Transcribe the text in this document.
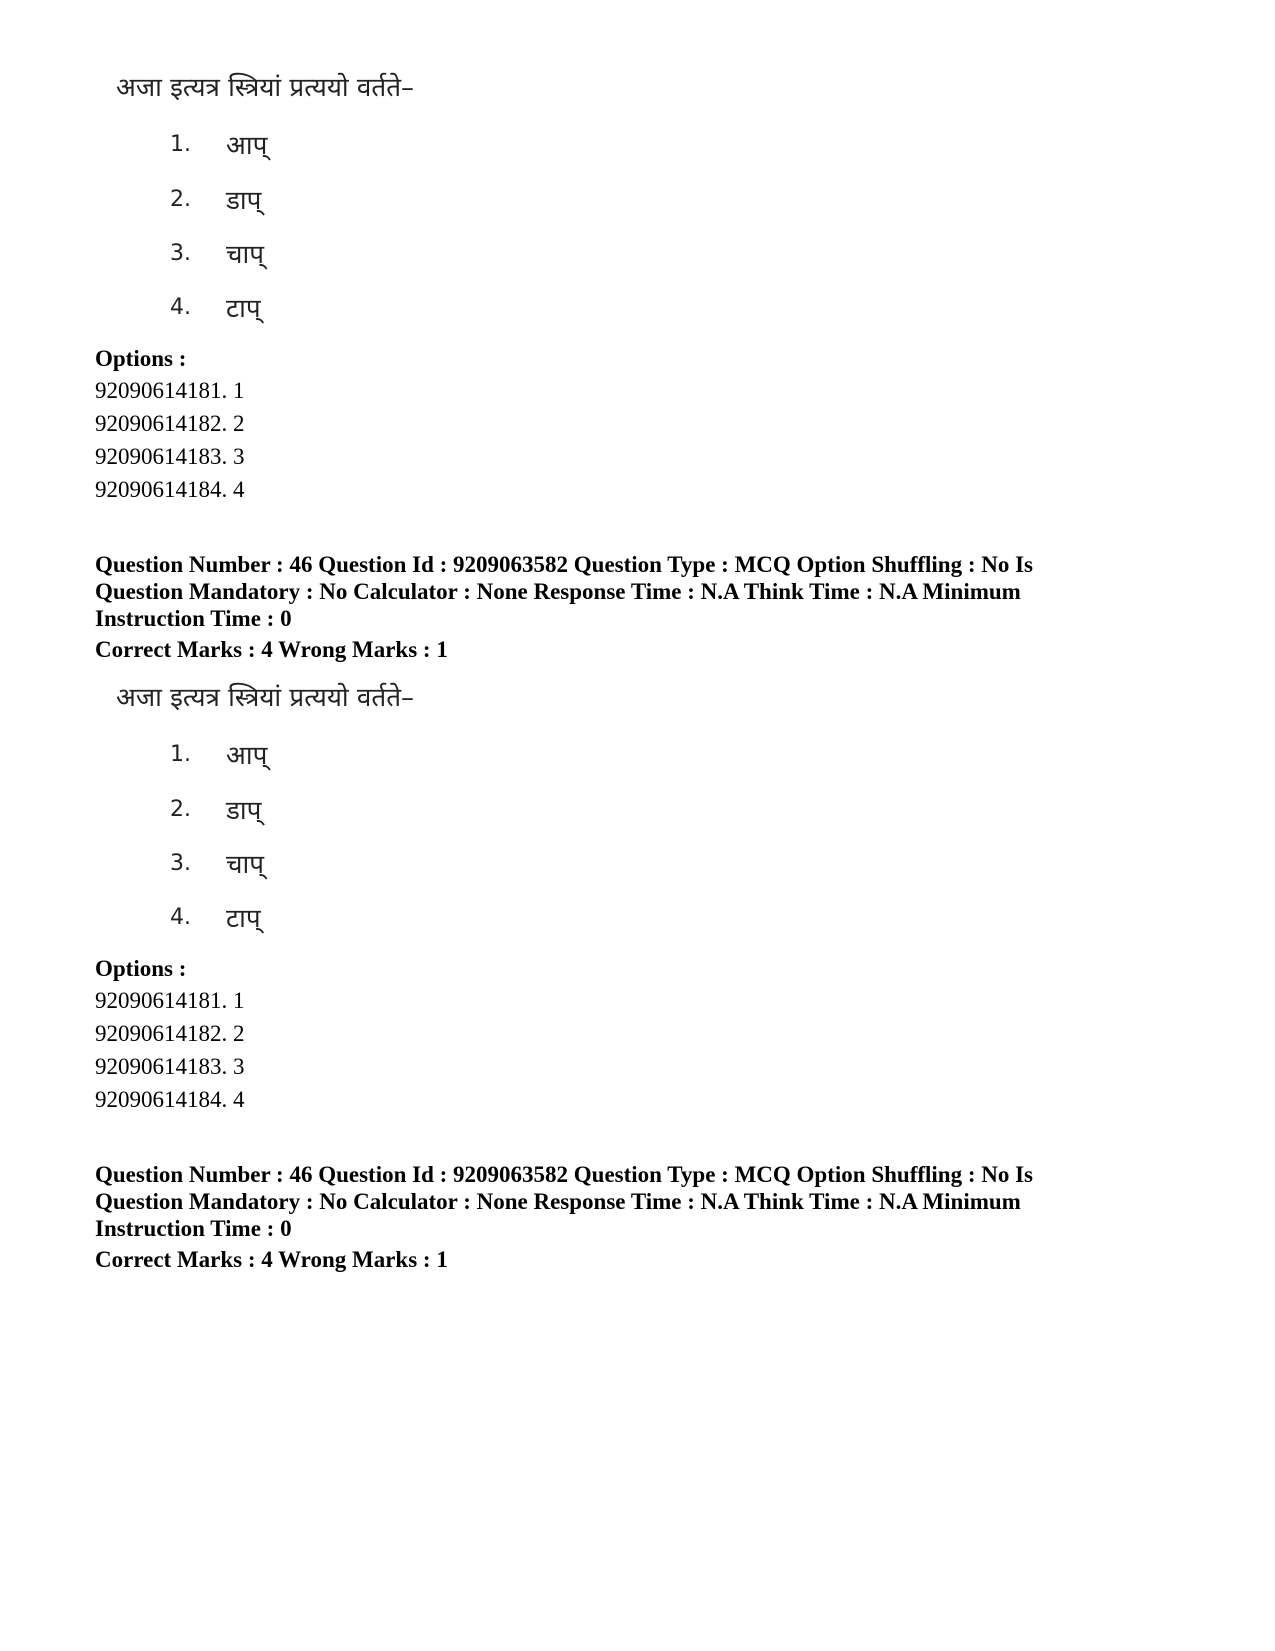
अजा इत्यत्र स्त्रियां प्रत्ययो वर्तते–
1.	आप्
2.	डाप्
3.	चाप्
4.	टाप्
Options :
92090614181. 1
92090614182. 2
92090614183. 3
92090614184. 4
Question Number : 46 Question Id : 9209063582 Question Type : MCQ Option Shuffling : No Is Question Mandatory : No Calculator : None Response Time : N.A Think Time : N.A Minimum Instruction Time : 0
Correct Marks : 4 Wrong Marks : 1
अजा इत्यत्र स्त्रियां प्रत्ययो वर्तते–
1.	आप्
2.	डाप्
3.	चाप्
4.	टाप्
Options :
92090614181. 1
92090614182. 2
92090614183. 3
92090614184. 4
Question Number : 46 Question Id : 9209063582 Question Type : MCQ Option Shuffling : No Is Question Mandatory : No Calculator : None Response Time : N.A Think Time : N.A Minimum Instruction Time : 0
Correct Marks : 4 Wrong Marks : 1
